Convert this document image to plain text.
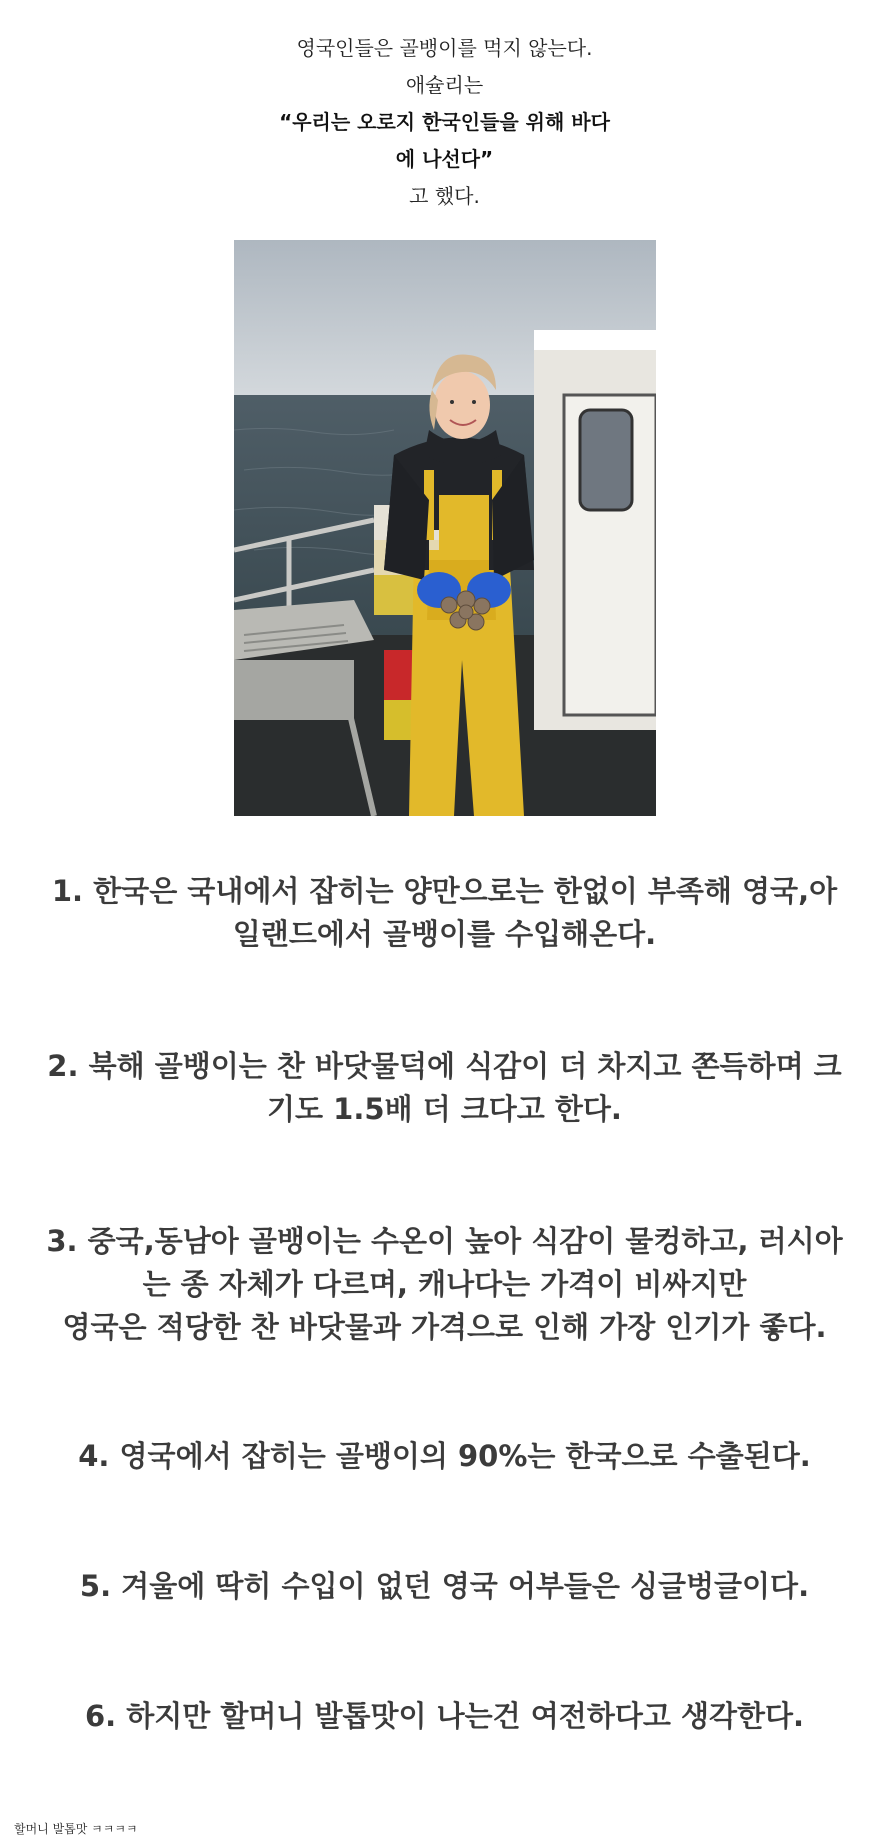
영국인들은 골뱅이를 먹지 않는다.
애슐리는
“우리는 오로지 한국인들을 위해 바다
에 나선다”
고 했다.
1. 한국은 국내에서 잡히는 양만으로는 한없이 부족해 영국,아
일랜드에서 골뱅이를 수입해온다.
2. 북해 골뱅이는 찬 바닷물덕에 식감이 더 차지고 쫀득하며 크
기도 1.5배 더 크다고 한다.
3. 중국,동남아 골뱅이는 수온이 높아 식감이 물컹하고, 러시아
는 종 자체가 다르며, 캐나다는 가격이 비싸지만
영국은 적당한 찬 바닷물과 가격으로 인해 가장 인기가 좋다.
4. 영국에서 잡히는 골뱅이의 90%는 한국으로 수출된다.
5. 겨울에 딱히 수입이 없던 영국 어부들은 싱글벙글이다.
6. 하지만 할머니 발톱맛이 나는건 여전하다고 생각한다.
할머니 발톱맛 ㅋㅋㅋㅋ
